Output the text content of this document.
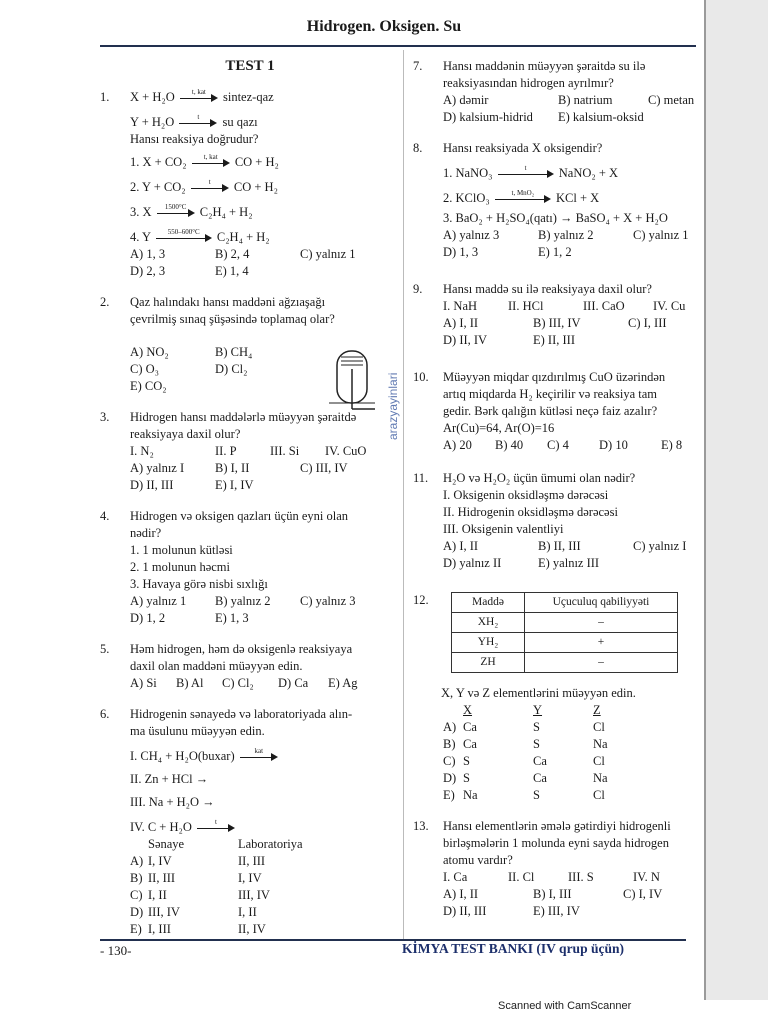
Hidrogen. Oksigen. Su
arazyayinlari
TEST 1
1. X + H₂O	t, kat	sintez-qaz
Y + H₂O	t	su qazı
Hansı reaksiya doğrudur?
1. X + CO₂	t, kat	CO + H₂
2. Y + CO₂	t	CO + H₂
3. X	1500°C	C₂H₄ + H₂
4. Y	550–600°C	C₂H₄ + H₂
A) 1, 3	B) 2, 4	C) yalnız 1
D) 2, 3	E) 1, 4
2. Qaz halındakı hansı maddəni ağzıaşağı
çevrilmiş sınaq şüşəsində toplamaq olar?
A) NO₂	B) CH₄
C) O₃	D) Cl₂
E) CO₂
3. Hidrogen hansı maddələrlə müəyyən şəraitdə
reaksiyaya daxil olur?
I. N₂	II. P	III. Si	IV. CuO
A) yalnız I	B) I, II	C) III, IV
D) II, III	E) I, IV
4. Hidrogen və oksigen qazları üçün eyni olan
nədir?
1. 1 molunun kütləsi
2. 1 molunun həcmi
3. Havaya görə nisbi sıxlığı
A) yalnız 1	B) yalnız 2	C) yalnız 3
D) 1, 2	E) 1, 3
5. Həm hidrogen, həm də oksigenlə reaksiyaya
daxil olan maddəni müəyyən edin.
A) Si	B) Al	C) Cl₂	D) Ca	E) Ag
6. Hidrogenin sənayedə və laboratoriyada alın-
ma üsulunu müəyyən edin.
I. CH₄ + H₂O(buxar)	kat
II. Zn + HCl →
III. Na + H₂O →
IV. C + H₂O	t
Sənaye	Laboratoriya
A) I, IV	II, III
B) II, III	I, IV
C) I, II	III, IV
D) III, IV	I, II
E) I, III	II, IV
7. Hansı maddənin müəyyən şəraitdə su ilə
reaksiyasından hidrogen ayrılmır?
A) dəmir	B) natrium	C) metan
D) kalsium-hidrid	E) kalsium-oksid
8. Hansı reaksiyada X oksigendir?
1. NaNO₃	t	NaNO₂ + X
2. KClO₃	t, MnO₂	KCl + X
3. BaO₂ + H₂SO₄(qatı) → BaSO₄ + X + H₂O
A) yalnız 3	B) yalnız 2	C) yalnız 1
D) 1, 3	E) 1, 2
9. Hansı maddə su ilə reaksiyaya daxil olur?
I. NaH	II. HCl	III. CaO	IV. Cu
A) I, II	B) III, IV	C) I, III
D) II, IV	E) II, III
10. Müəyyən miqdar qızdırılmış CuO üzərindən
artıq miqdarda H₂ keçirilir və reaksiya tam
gedir. Bərk qalığın kütləsi neçə faiz azalır?
Ar(Cu)=64, Ar(O)=16
A) 20	B) 40	C) 4	D) 10	E) 8
11. H₂O və H₂O₂ üçün ümumi olan nədir?
I. Oksigenin oksidləşmə dərəcəsi
II. Hidrogenin oksidləşmə dərəcəsi
III. Oksigenin valentliyi
A) I, II	B) II, III	C) yalnız I
D) yalnız II	E) yalnız III
12.	Maddə	Uçuculuq qabiliyyəti
XH₂	–
YH₂	+
ZH	–
X, Y və Z elementlərini müəyyən edin.
X	Y	Z
A) Ca	S	Cl
B) Ca	S	Na
C) S	Ca	Cl
D) S	Ca	Na
E) Na	S	Cl
13. Hansı elementlərin əmələ gətirdiyi hidrogenli
birləşmələrin 1 molunda eyni sayda hidrogen
atomu vardır?
I. Ca	II. Cl	III. S	IV. N
A) I, II	B) I, III	C) I, IV
D) II, III	E) III, IV
- 130-	KİMYA TEST BANKI (IV qrup üçün)
Scanned with CamScanner
